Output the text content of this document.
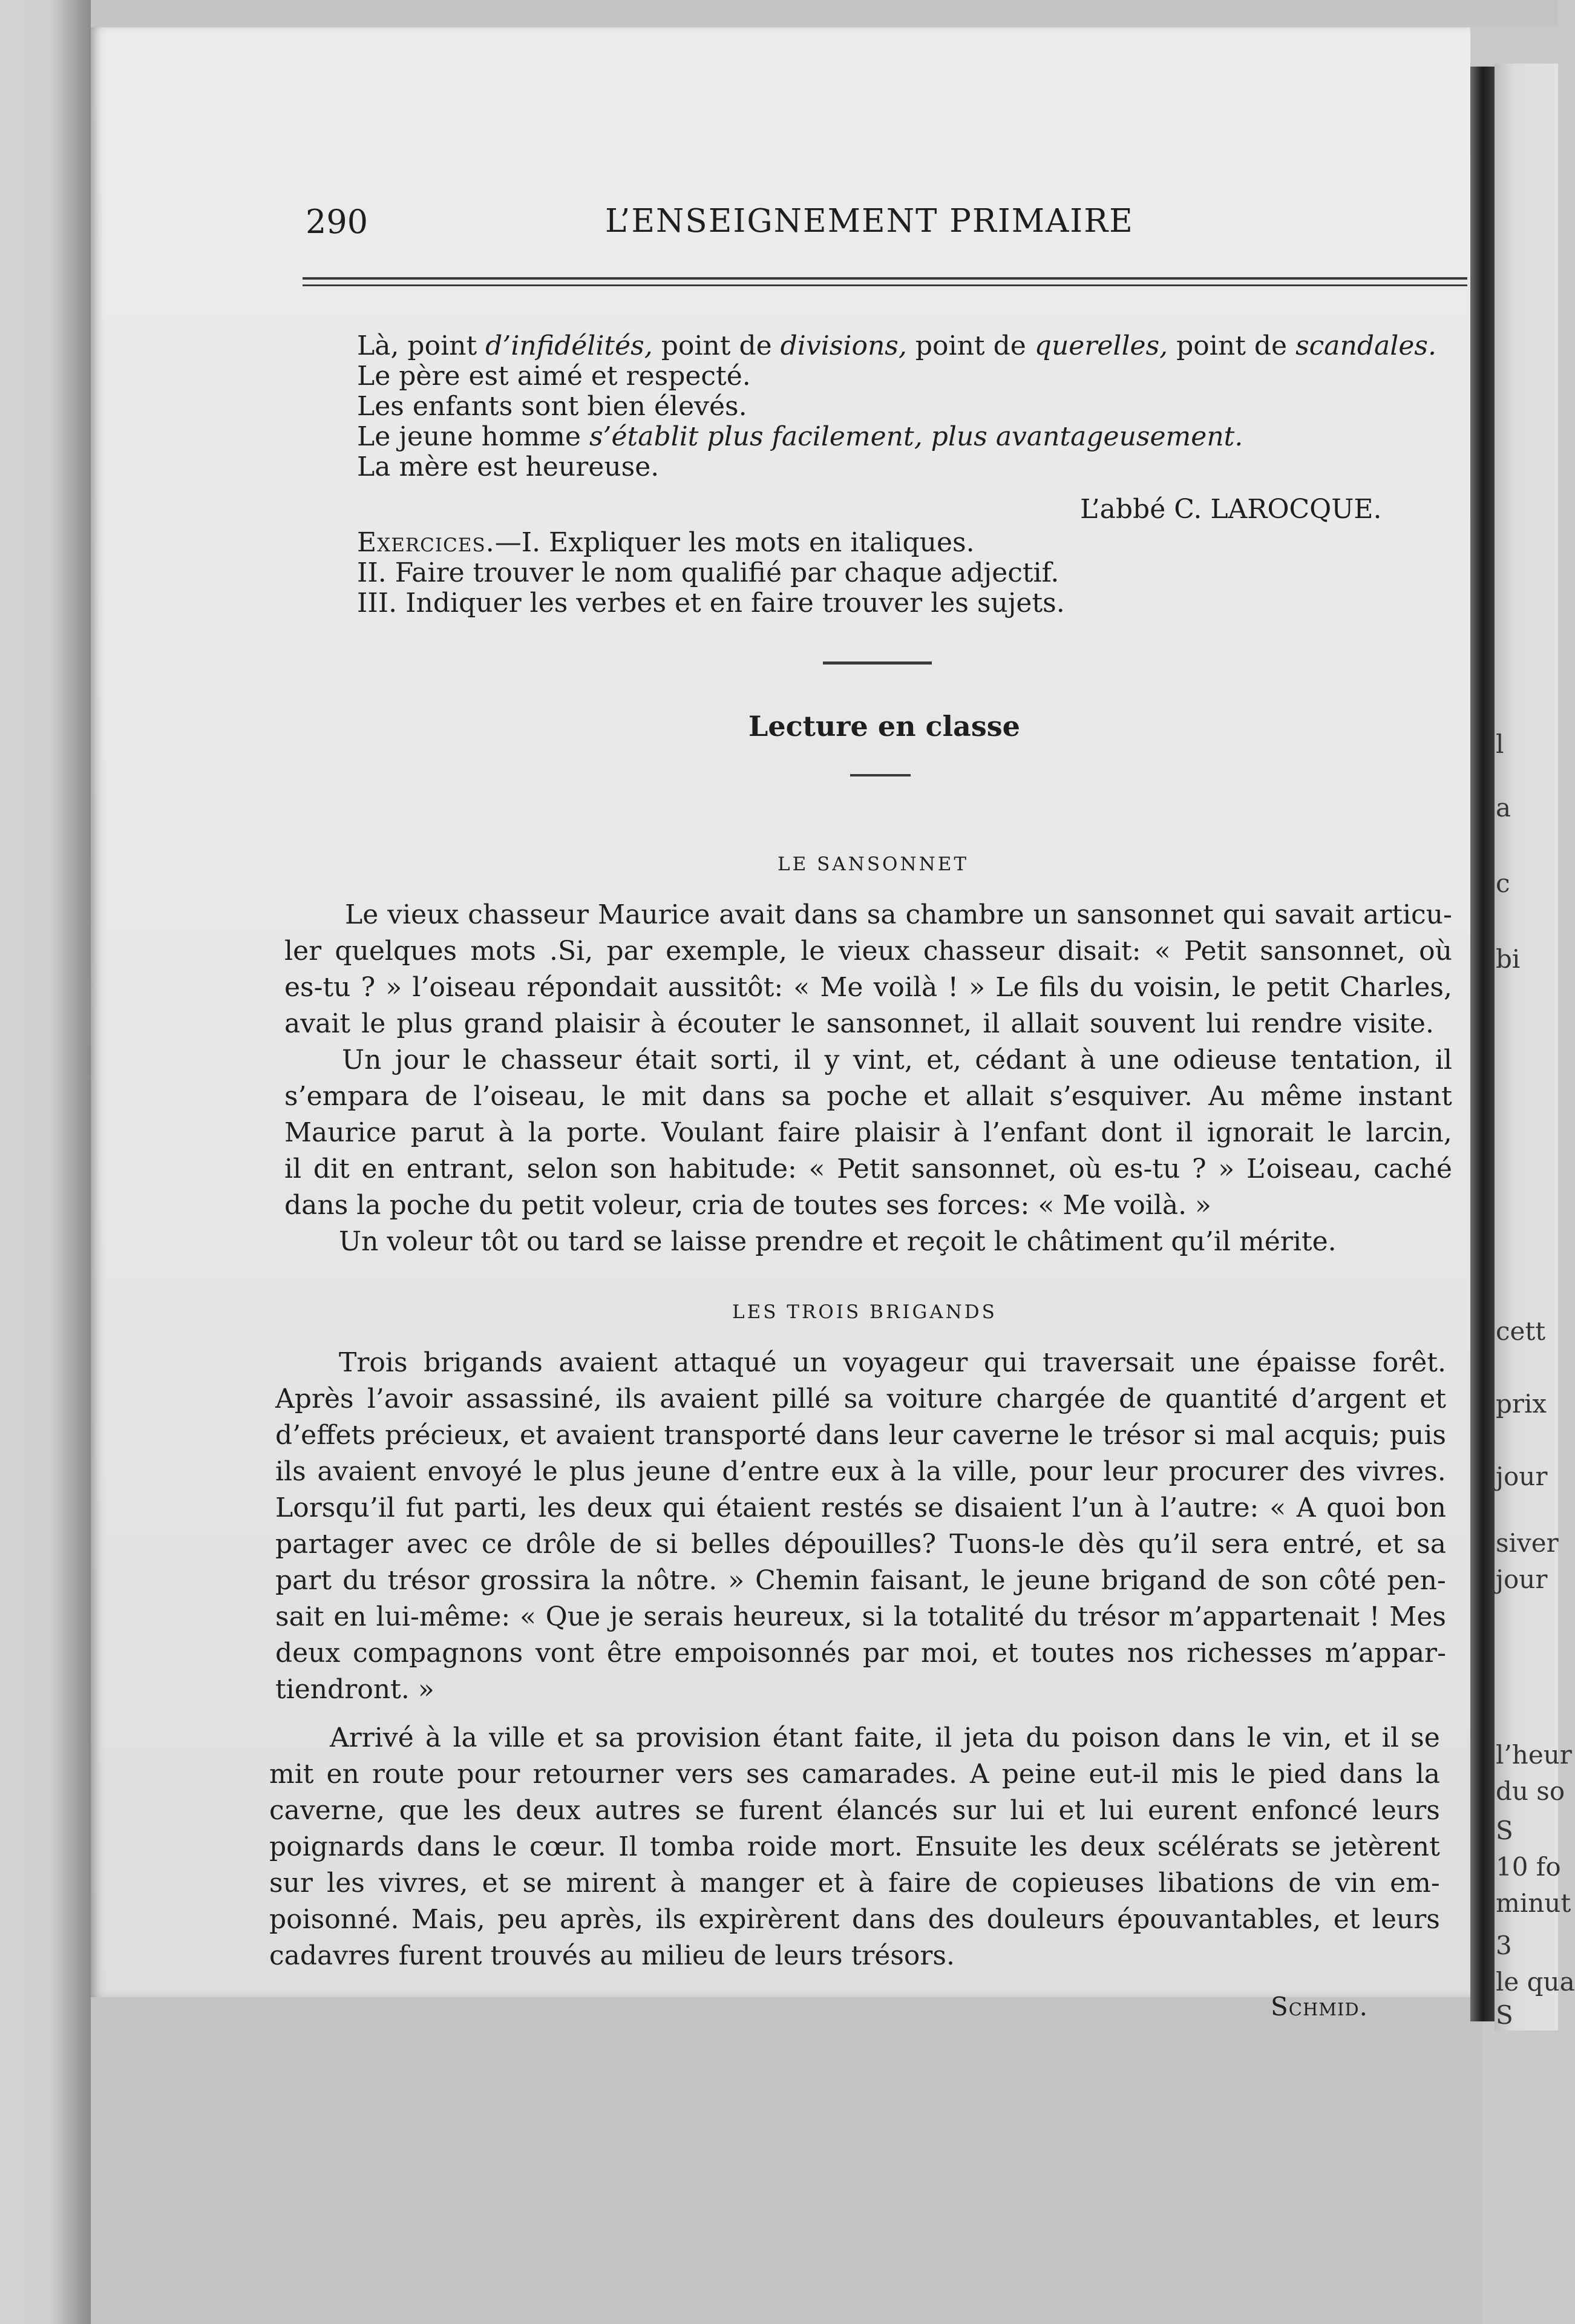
l
a
c
bi
cett
prix
jour
siver
jour
l’heur
du so
S
10 fo
minut
3
le qua
S
290	L’ENSEIGNEMENT PRIMAIRE
Là, point d’infidélités, point de divisions, point de querelles, point de scandales.
Le père est aimé et respecté.
Les enfants sont bien élevés.
Le jeune homme s’établit plus facilement, plus avantageusement.
La mère est heureuse.
L’abbé C. LAROCQUE.
Exercices.—I. Expliquer les mots en italiques.
II. Faire trouver le nom qualifié par chaque adjectif.
III. Indiquer les verbes et en faire trouver les sujets.
Lecture en classe
LE SANSONNET
Le vieux chasseur Maurice avait dans sa chambre un sansonnet qui savait articu-
ler quelques mots .Si, par exemple, le vieux chasseur disait: « Petit sansonnet, où
es-tu ? » l’oiseau répondait aussitôt: « Me voilà ! » Le fils du voisin, le petit Charles,
avait le plus grand plaisir à écouter le sansonnet, il allait souvent lui rendre visite.
Un jour le chasseur était sorti, il y vint, et, cédant à une odieuse tentation, il
s’empara de l’oiseau, le mit dans sa poche et allait s’esquiver. Au même instant
Maurice parut à la porte. Voulant faire plaisir à l’enfant dont il ignorait le larcin,
il dit en entrant, selon son habitude: « Petit sansonnet, où es-tu ? » L’oiseau, caché
dans la poche du petit voleur, cria de toutes ses forces: « Me voilà. »
Un voleur tôt ou tard se laisse prendre et reçoit le châtiment qu’il mérite.
LES TROIS BRIGANDS
Trois brigands avaient attaqué un voyageur qui traversait une épaisse forêt.
Après l’avoir assassiné, ils avaient pillé sa voiture chargée de quantité d’argent et
d’effets précieux, et avaient transporté dans leur caverne le trésor si mal acquis; puis
ils avaient envoyé le plus jeune d’entre eux à la ville, pour leur procurer des vivres.
Lorsqu’il fut parti, les deux qui étaient restés se disaient l’un à l’autre: « A quoi bon
partager avec ce drôle de si belles dépouilles? Tuons-le dès qu’il sera entré, et sa
part du trésor grossira la nôtre. » Chemin faisant, le jeune brigand de son côté pen-
sait en lui-même: « Que je serais heureux, si la totalité du trésor m’appartenait ! Mes
deux compagnons vont être empoisonnés par moi, et toutes nos richesses m’appar-
tiendront. »
Arrivé à la ville et sa provision étant faite, il jeta du poison dans le vin, et il se
mit en route pour retourner vers ses camarades. A peine eut-il mis le pied dans la
caverne, que les deux autres se furent élancés sur lui et lui eurent enfoncé leurs
poignards dans le cœur. Il tomba roide mort. Ensuite les deux scélérats se jetèrent
sur les vivres, et se mirent à manger et à faire de copieuses libations de vin em-
poisonné. Mais, peu après, ils expirèrent dans des douleurs épouvantables, et leurs
cadavres furent trouvés au milieu de leurs trésors.
Schmid.
